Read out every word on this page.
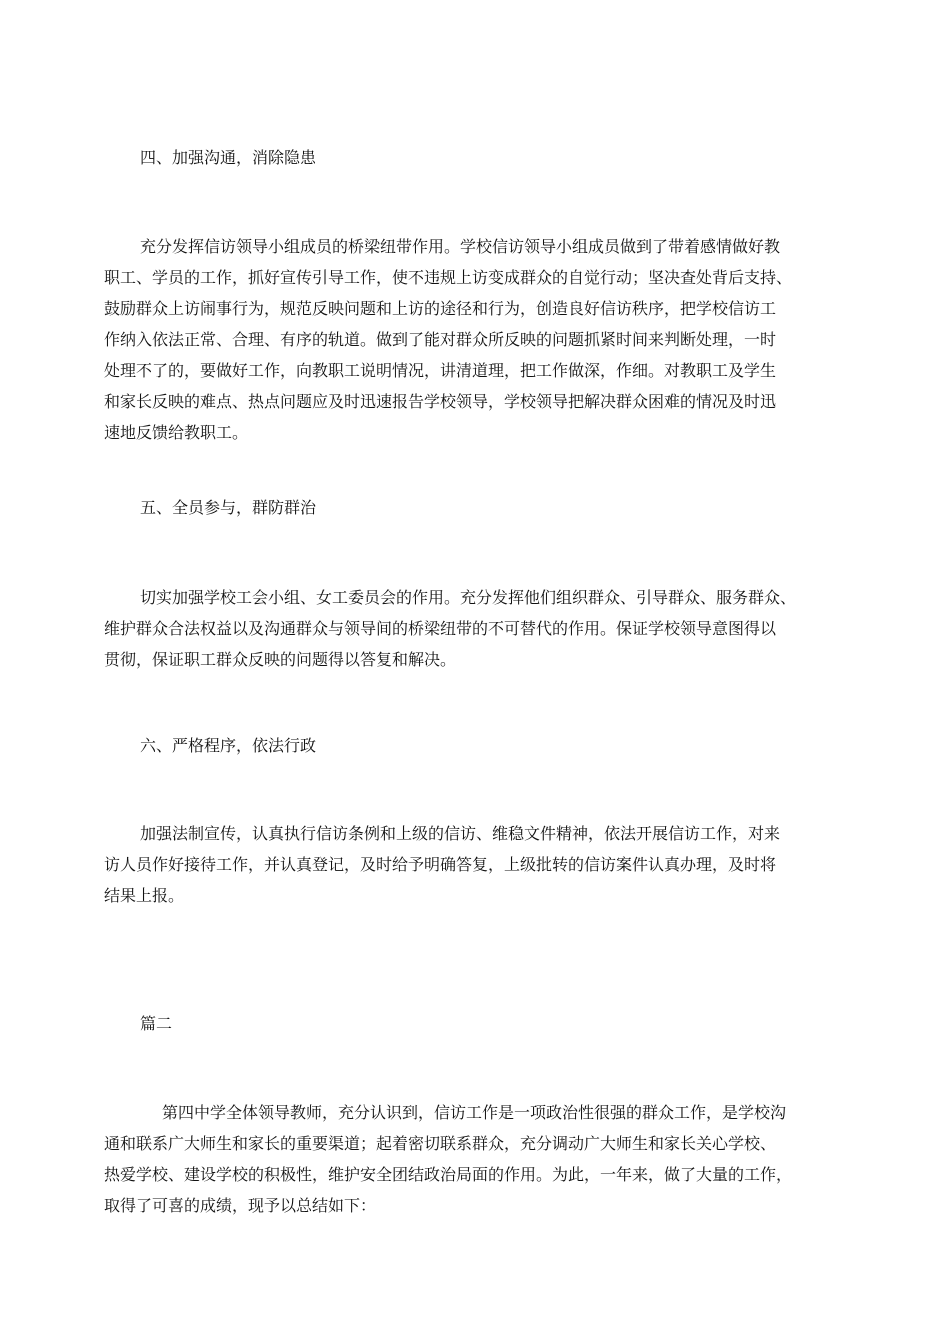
四、加强沟通，消除隐患
充分发挥信访领导小组成员的桥梁纽带作用。学校信访领导小组成员做到了带着感情做好教
职工、学员的工作，抓好宣传引导工作，使不违规上访变成群众的自觉行动；坚决查处背后支持、
鼓励群众上访闹事行为，规范反映问题和上访的途径和行为，创造良好信访秩序，把学校信访工
作纳入依法正常、合理、有序的轨道。做到了能对群众所反映的问题抓紧时间来判断处理，一时
处理不了的，要做好工作，向教职工说明情况，讲清道理，把工作做深，作细。对教职工及学生
和家长反映的难点、热点问题应及时迅速报告学校领导，学校领导把解决群众困难的情况及时迅
速地反馈给教职工。
五、全员参与，群防群治
切实加强学校工会小组、女工委员会的作用。充分发挥他们组织群众、引导群众、服务群众、
维护群众合法权益以及沟通群众与领导间的桥梁纽带的不可替代的作用。保证学校领导意图得以
贯彻，保证职工群众反映的问题得以答复和解决。
六、严格程序，依法行政
加强法制宣传，认真执行信访条例和上级的信访、维稳文件精神，依法开展信访工作，对来
访人员作好接待工作，并认真登记，及时给予明确答复，上级批转的信访案件认真办理，及时将
结果上报。
篇二
第四中学全体领导教师，充分认识到，信访工作是一项政治性很强的群众工作，是学校沟
通和联系广大师生和家长的重要渠道；起着密切联系群众，充分调动广大师生和家长关心学校、
热爱学校、建设学校的积极性，维护安全团结政治局面的作用。为此，一年来，做了大量的工作，
取得了可喜的成绩，现予以总结如下：
